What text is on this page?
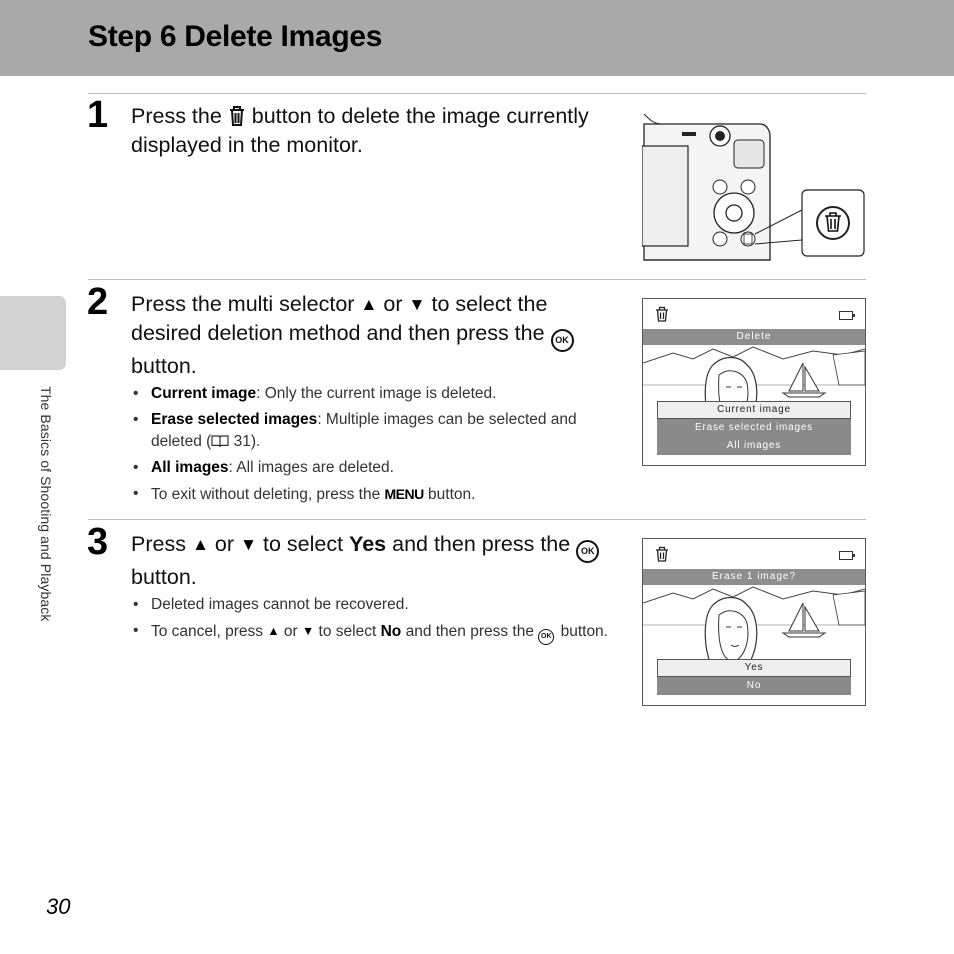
Step 6 Delete Images
The Basics of Shooting and Playback
1 Press the  button to delete the image currently displayed in the monitor.
2 Press the multi selector ▲ or ▼ to select the desired deletion method and then press the OK button.
• Current image: Only the current image is deleted.
• Erase selected images: Multiple images can be selected and deleted ( 31).
• All images: All images are deleted.
• To exit without deleting, press the MENU button.
Delete
Current image
Erase selected images
All images
3 Press ▲ or ▼ to select Yes and then press the OK button.
• Deleted images cannot be recovered.
• To cancel, press ▲ or ▼ to select No and then press the OK button.
Erase 1 image?
Yes
No
30
